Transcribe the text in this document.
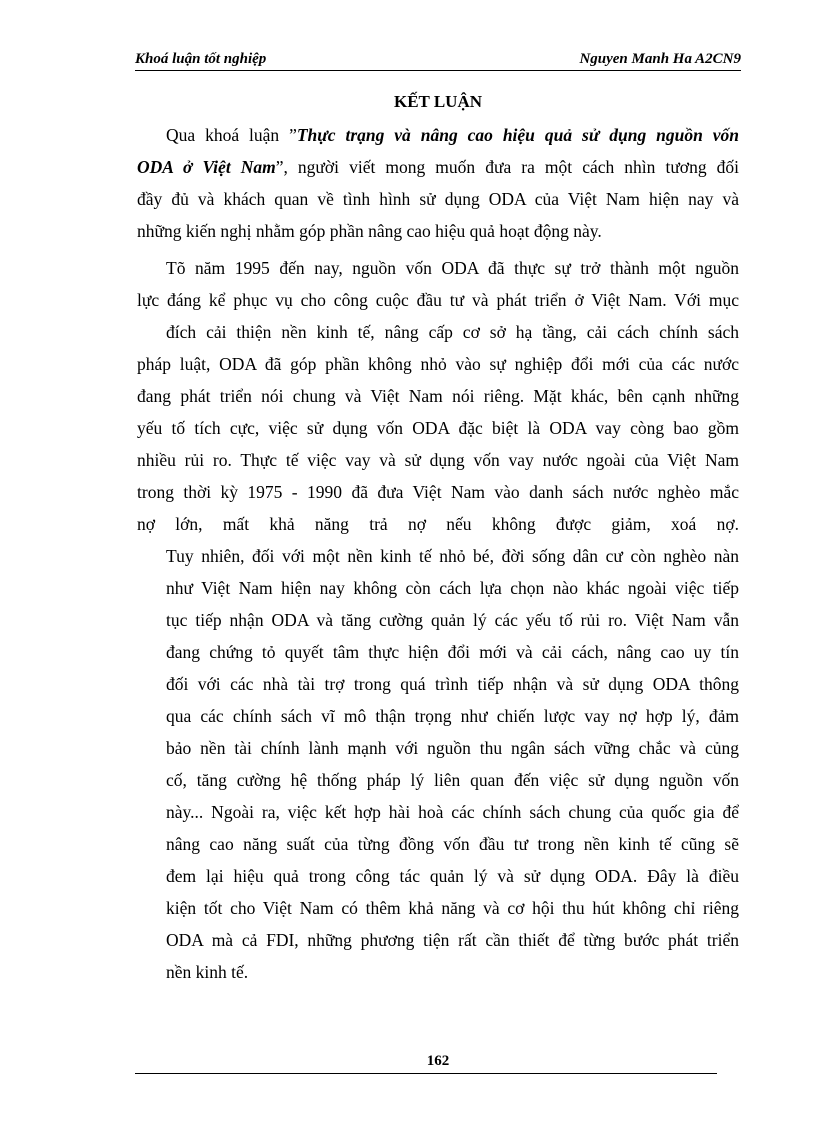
Khoá luận tốt nghiệp	Nguyen Manh Ha A2CN9
KẾT LUẬN
Qua khoá luận ”Thực trạng và nâng cao hiệu quả sử dụng nguồn vốn
ODA ở Việt Nam”, người viết mong muốn đưa ra một cách nhìn tương đối
đầy đủ và khách quan về tình hình sử dụng ODA của Việt Nam hiện nay và
những kiến nghị nhằm góp phần nâng cao hiệu quả hoạt động này.
Tõ năm 1995 đến nay, nguồn vốn ODA đã thực sự trở thành một nguồn
lực đáng kể phục vụ cho công cuộc đầu tư và phát triển ở Việt Nam. Với mục
đích cải thiện nền kinh tế, nâng cấp cơ sở hạ tầng, cải cách chính sách
pháp luật, ODA đã góp phần không nhỏ vào sự nghiệp đổi mới của các nước
đang phát triển nói chung và Việt Nam nói riêng. Mặt khác, bên cạnh những
yếu tố tích cực, việc sử dụng vốn ODA đặc biệt là ODA vay còng bao gồm
nhiều rủi ro. Thực tế việc vay và sử dụng vốn vay nước ngoài của Việt Nam
trong thời kỳ 1975 - 1990 đã đưa Việt Nam vào danh sách nước nghèo mắc
nợ lớn, mất khả năng trả nợ nếu không được giảm, xoá nợ.
Tuy nhiên, đối với một nền kinh tế nhỏ bé, đời sống dân cư còn nghèo nàn
như Việt Nam hiện nay không còn cách lựa chọn nào khác ngoài việc tiếp
tục tiếp nhận ODA và tăng cường quản lý các yếu tố rủi ro. Việt Nam vẫn
đang chứng tỏ quyết tâm thực hiện đổi mới và cải cách, nâng cao uy tín
đối với các nhà tài trợ trong quá trình tiếp nhận và sử dụng ODA thông
qua các chính sách vĩ mô thận trọng như chiến lược vay nợ hợp lý, đảm
bảo nền tài chính lành mạnh với nguồn thu ngân sách vững chắc và củng
cố, tăng cường hệ thống pháp lý liên quan đến việc sử dụng nguồn vốn
này... Ngoài ra, việc kết hợp hài hoà các chính sách chung của quốc gia để
nâng cao năng suất của từng đồng vốn đầu tư trong nền kinh tế cũng sẽ
đem lại hiệu quả trong công tác quản lý và sử dụng ODA. Đây là điều
kiện tốt cho Việt Nam có thêm khả năng và cơ hội thu hút không chỉ riêng
ODA mà cả FDI, những phương tiện rất cần thiết để từng bước phát triển
nền kinh tế.
162
